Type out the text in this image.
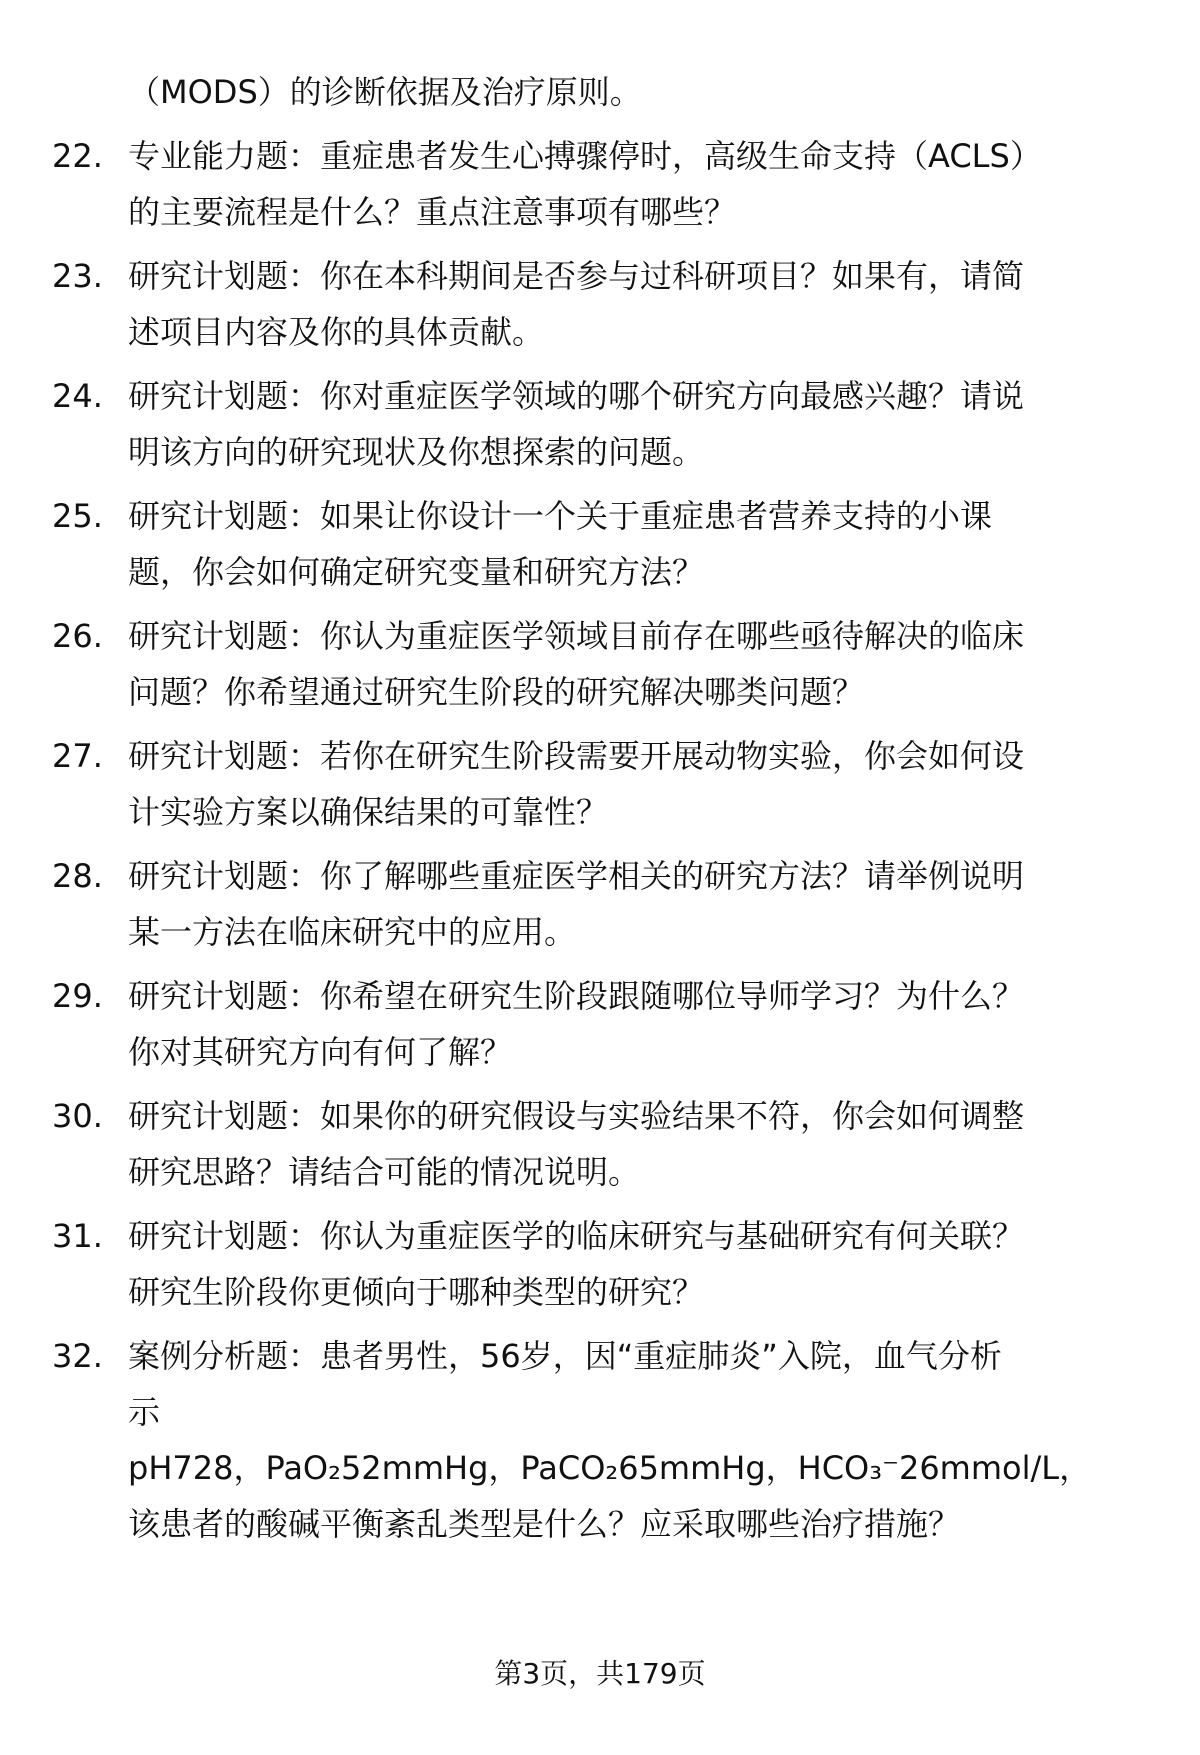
（MODS）的诊断依据及治疗原则。
22. 专业能力题：重症患者发生心搏骤停时，高级生命支持（ACLS）
的主要流程是什么？重点注意事项有哪些？
23. 研究计划题：你在本科期间是否参与过科研项目？如果有，请简
述项目内容及你的具体贡献。
24. 研究计划题：你对重症医学领域的哪个研究方向最感兴趣？请说
明该方向的研究现状及你想探索的问题。
25. 研究计划题：如果让你设计一个关于重症患者营养支持的小课
题，你会如何确定研究变量和研究方法？
26. 研究计划题：你认为重症医学领域目前存在哪些亟待解决的临床
问题？你希望通过研究生阶段的研究解决哪类问题？
27. 研究计划题：若你在研究生阶段需要开展动物实验，你会如何设
计实验方案以确保结果的可靠性？
28. 研究计划题：你了解哪些重症医学相关的研究方法？请举例说明
某一方法在临床研究中的应用。
29. 研究计划题：你希望在研究生阶段跟随哪位导师学习？为什么？
你对其研究方向有何了解？
30. 研究计划题：如果你的研究假设与实验结果不符，你会如何调整
研究思路？请结合可能的情况说明。
31. 研究计划题：你认为重症医学的临床研究与基础研究有何关联？
研究生阶段你更倾向于哪种类型的研究？
32. 案例分析题：患者男性，56岁，因“重症肺炎”入院，血气分析
示
pH728，PaO₂52mmHg，PaCO₂65mmHg，HCO₃⁻26mmol/L，
该患者的酸碱平衡紊乱类型是什么？应采取哪些治疗措施？
第3页，共179页
